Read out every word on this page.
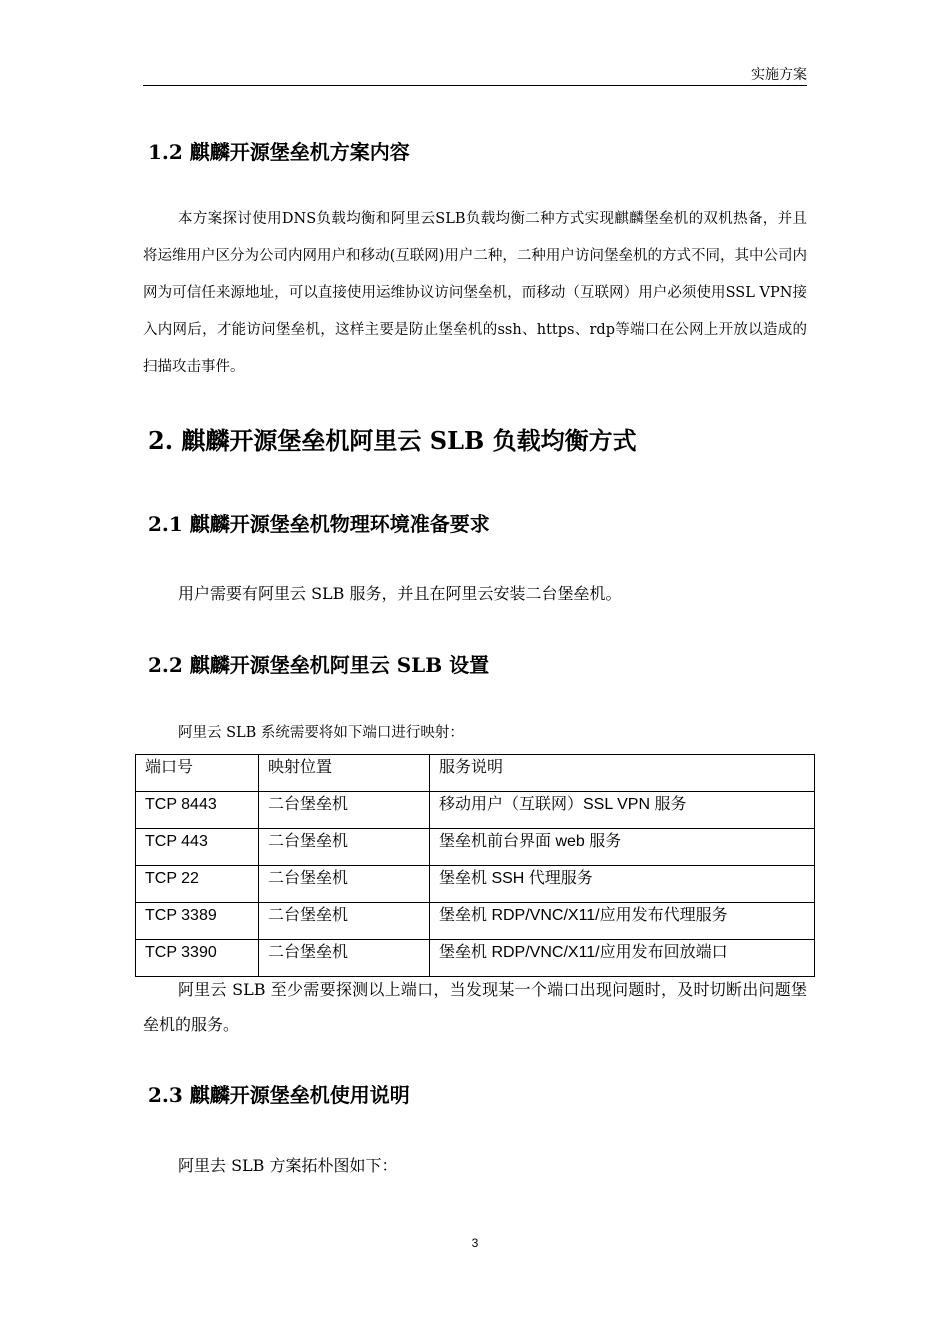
实施方案
1.2 麒麟开源堡垒机方案内容

本方案探讨使用DNS负载均衡和阿里云SLB负载均衡二种方式实现麒麟堡垒机的双机热备，并且将运维用户区分为公司内网用户和移动(互联网)用户二种，二种用户访问堡垒机的方式不同，其中公司内网为可信任来源地址，可以直接使用运维协议访问堡垒机，而移动（互联网）用户必须使用SSL VPN接入内网后，才能访问堡垒机，这样主要是防止堡垒机的ssh、https、rdp等端口在公网上开放以造成的扫描攻击事件。

2. 麒麟开源堡垒机阿里云 SLB 负载均衡方式
2.1 麒麟开源堡垒机物理环境准备要求

用户需要有阿里云 SLB 服务，并且在阿里云安装二台堡垒机。

2.2 麒麟开源堡垒机阿里云 SLB 设置

阿里云 SLB 系统需要将如下端口进行映射：

端口号	映射位置	服务说明
TCP 8443	二台堡垒机	移动用户（互联网）SSL VPN 服务
TCP 443	二台堡垒机	堡垒机前台界面 web 服务
TCP 22	二台堡垒机	堡垒机 SSH 代理服务
TCP 3389	二台堡垒机	堡垒机 RDP/VNC/X11/应用发布代理服务
TCP 3390	二台堡垒机	堡垒机 RDP/VNC/X11/应用发布回放端口

阿里云 SLB 至少需要探测以上端口，当发现某一个端口出现问题时，及时切断出问题堡垒机的服务。

2.3 麒麟开源堡垒机使用说明

阿里去 SLB 方案拓朴图如下：

3
